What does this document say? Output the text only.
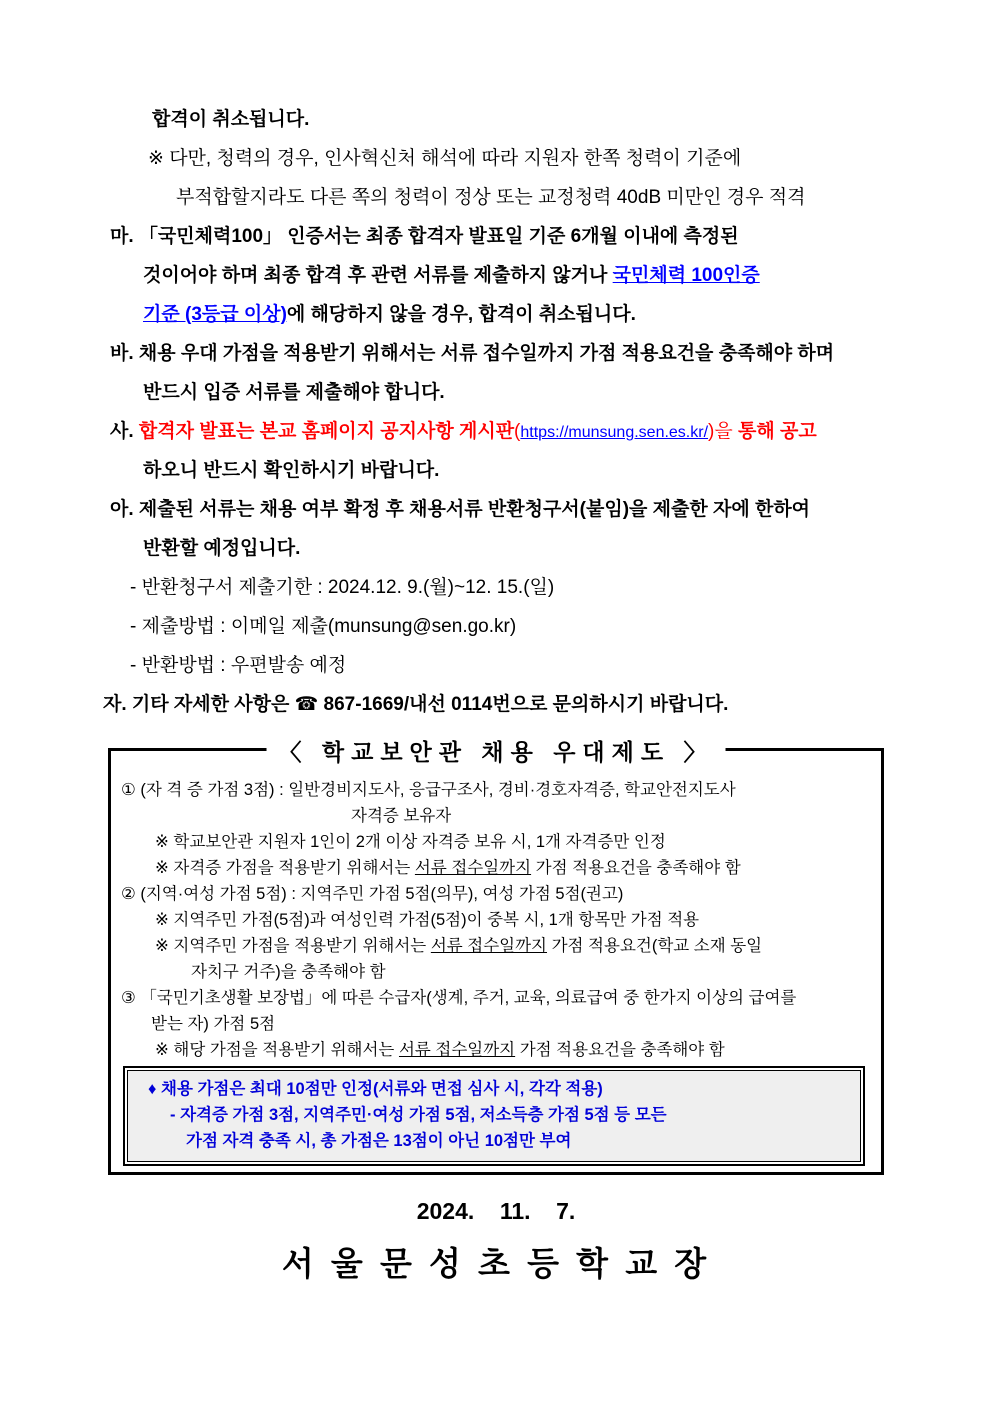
합격이 취소됩니다.
※ 다만, 청력의 경우, 인사혁신처 해석에 따라 지원자 한쪽 청력이 기준에
부적합할지라도 다른 쪽의 청력이 정상 또는 교정청력 40dB 미만인 경우 적격
마. 「국민체력100」 인증서는 최종 합격자 발표일 기준 6개월 이내에 측정된
것이어야 하며 최종 합격 후 관련 서류를 제출하지 않거나 국민체력 100인증
기준 (3등급 이상)에 해당하지 않을 경우, 합격이 취소됩니다.
바. 채용 우대 가점을 적용받기 위해서는 서류 접수일까지 가점 적용요건을 충족해야 하며
반드시 입증 서류를 제출해야 합니다.
사. 합격자 발표는 본교 홈페이지 공지사항 게시판(https://munsung.sen.es.kr/)을 통해 공고
하오니 반드시 확인하시기 바랍니다.
아. 제출된 서류는 채용 여부 확정 후 채용서류 반환청구서(붙임)을 제출한 자에 한하여
반환할 예정입니다.
- 반환청구서 제출기한 : 2024.12. 9.(월)~12. 15.(일)
- 제출방법 : 이메일 제출(munsung@sen.go.kr)
- 반환방법 : 우편발송 예정
자. 기타 자세한 사항은 ☎ 867-1669/내선 0114번으로 문의하시기 바랍니다.
〈 학교보안관 채용 우대제도 〉
① (자 격 증 가점 3점) : 일반경비지도사, 응급구조사, 경비·경호자격증, 학교안전지도사
자격증 보유자
※ 학교보안관 지원자 1인이 2개 이상 자격증 보유 시, 1개 자격증만 인정
※ 자격증 가점을 적용받기 위해서는 서류 접수일까지 가점 적용요건을 충족해야 함
② (지역·여성 가점 5점) : 지역주민 가점 5점(의무), 여성 가점 5점(권고)
※ 지역주민 가점(5점)과 여성인력 가점(5점)이 중복 시, 1개 항목만 가점 적용
※ 지역주민 가점을 적용받기 위해서는 서류 접수일까지 가점 적용요건(학교 소재 동일
자치구 거주)을 충족해야 함
③ 「국민기초생활 보장법」에 따른 수급자(생계, 주거, 교육, 의료급여 중 한가지 이상의 급여를
받는 자) 가점 5점
※ 해당 가점을 적용받기 위해서는 서류 접수일까지 가점 적용요건을 충족해야 함
♦ 채용 가점은 최대 10점만 인정(서류와 면접 심사 시, 각각 적용)
- 자격증 가점 3점, 지역주민·여성 가점 5점, 저소득층 가점 5점 등 모든
가점 자격 충족 시, 총 가점은 13점이 아닌 10점만 부여
2024.    11.    7.
서 울 문 성 초 등 학 교 장
